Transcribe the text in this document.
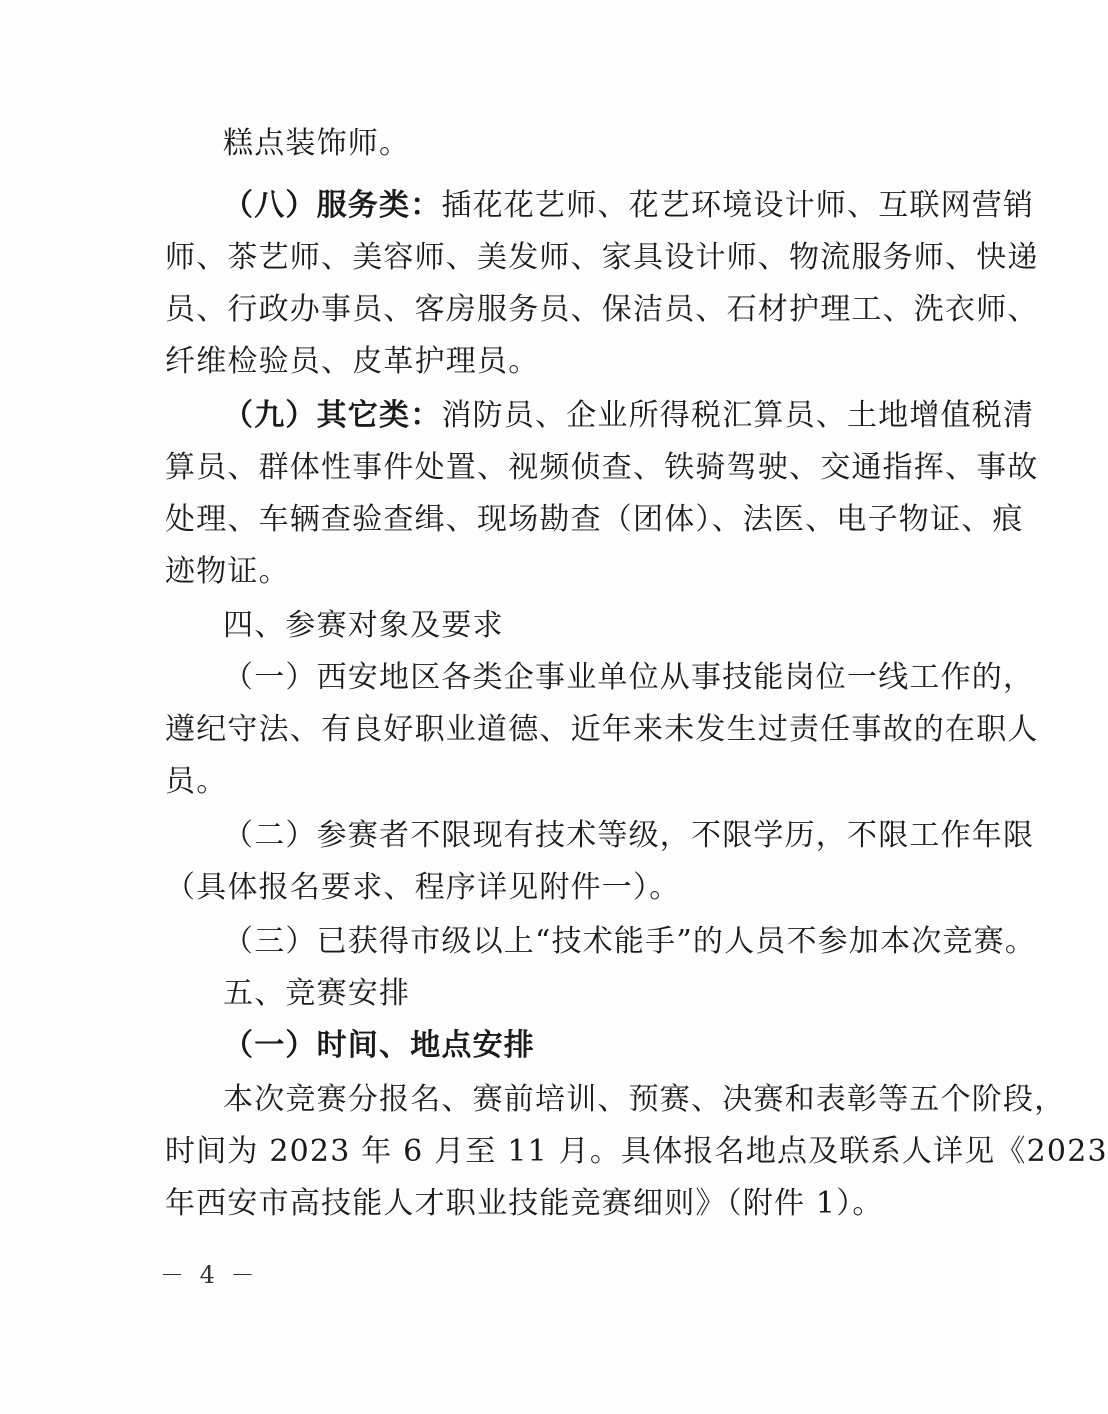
糕点装饰师。
（八）服务类：插花花艺师、花艺环境设计师、互联网营销
师、茶艺师、美容师、美发师、家具设计师、物流服务师、快递
员、行政办事员、客房服务员、保洁员、石材护理工、洗衣师、
纤维检验员、皮革护理员。
（九）其它类：消防员、企业所得税汇算员、土地增值税清
算员、群体性事件处置、视频侦查、铁骑驾驶、交通指挥、事故
处理、车辆查验查缉、现场勘查（团体）、法医、电子物证、痕
迹物证。
四、参赛对象及要求
（一）西安地区各类企事业单位从事技能岗位一线工作的，
遵纪守法、有良好职业道德、近年来未发生过责任事故的在职人
员。
（二）参赛者不限现有技术等级，不限学历，不限工作年限
（具体报名要求、程序详见附件一）。
（三）已获得市级以上“技术能手”的人员不参加本次竞赛。
五、竞赛安排
（一）时间、地点安排
本次竞赛分报名、赛前培训、预赛、决赛和表彰等五个阶段，
时间为 2023 年 6 月至 11 月。具体报名地点及联系人详见《2023
年西安市高技能人才职业技能竞赛细则》（附件 1）。
－ 4 －
